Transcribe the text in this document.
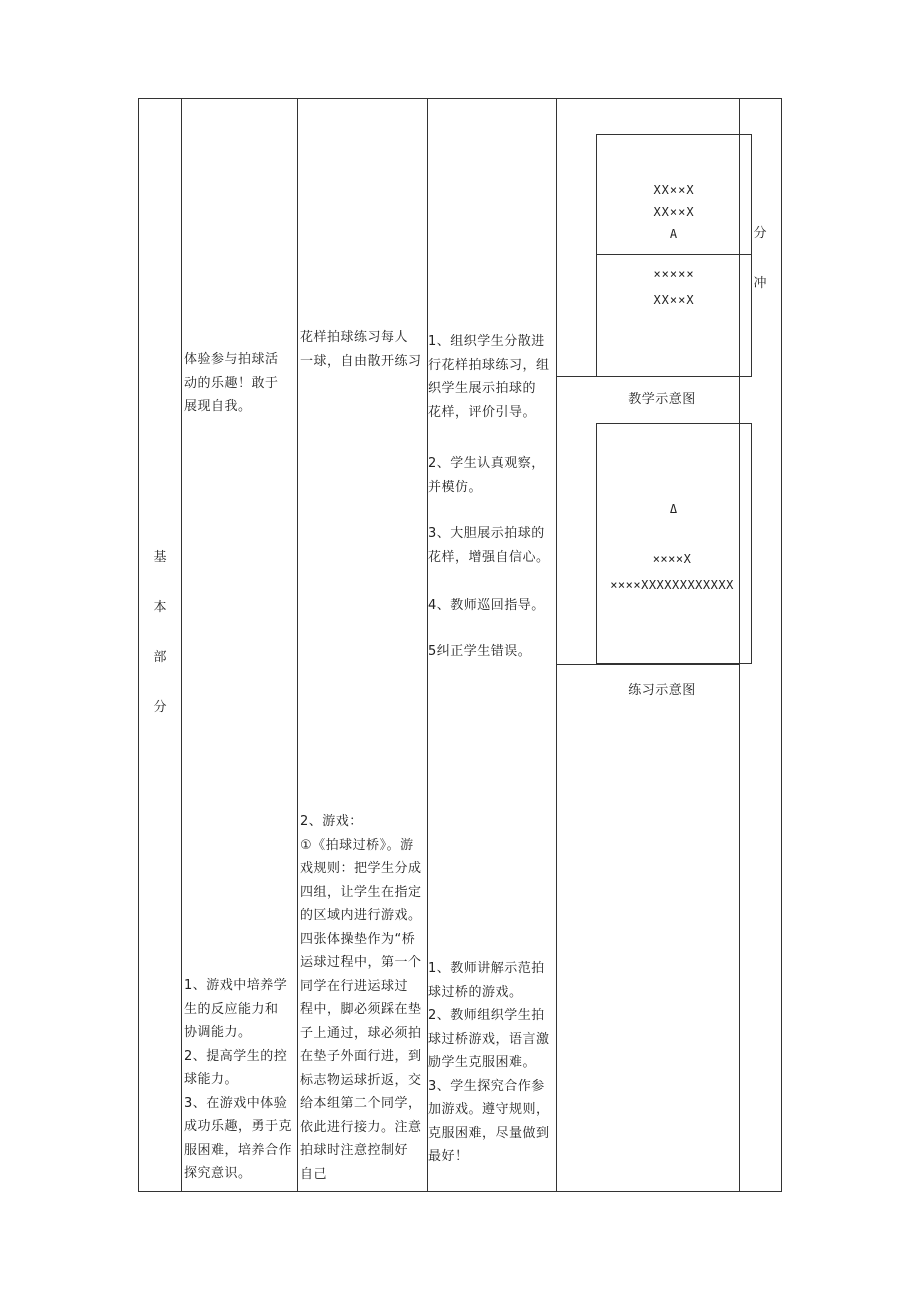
基
本
部
分
体验参与拍球活
动的乐趣！敢于
展现自我。
花样拍球练习每人
一球，自由散开练习
1、组织学生分散进
行花样拍球练习，组
织学生展示拍球的
花样，评价引导。
2、学生认真观察，
并模仿。
3、大胆展示拍球的
花样，增强自信心。
4、教师巡回指导。
5纠正学生错误。
XX××X
XX××X
A
×××××
XX××X
教学示意图
Δ
××××X
××××XXXXXXXXXXXX
练习示意图
分
冲
1、游戏中培养学
生的反应能力和
协调能力。
2、提高学生的控
球能力。
3、在游戏中体验
成功乐趣，勇于克
服困难，培养合作
探究意识。
2、游戏：
①《拍球过桥》。游
戏规则：把学生分成
四组，让学生在指定
的区域内进行游戏。
四张体操垫作为“桥
运球过程中，第一个
同学在行进运球过
程中，脚必须踩在垫
子上通过，球必须拍
在垫子外面行进，到
标志物运球折返，交
给本组第二个同学，
依此进行接力。注意
拍球时注意控制好
自己
1、教师讲解示范拍
球过桥的游戏。
2、教师组织学生拍
球过桥游戏，语言激
励学生克服困难。
3、学生探究合作参
加游戏。遵守规则，
克服困难，尽量做到
最好！
